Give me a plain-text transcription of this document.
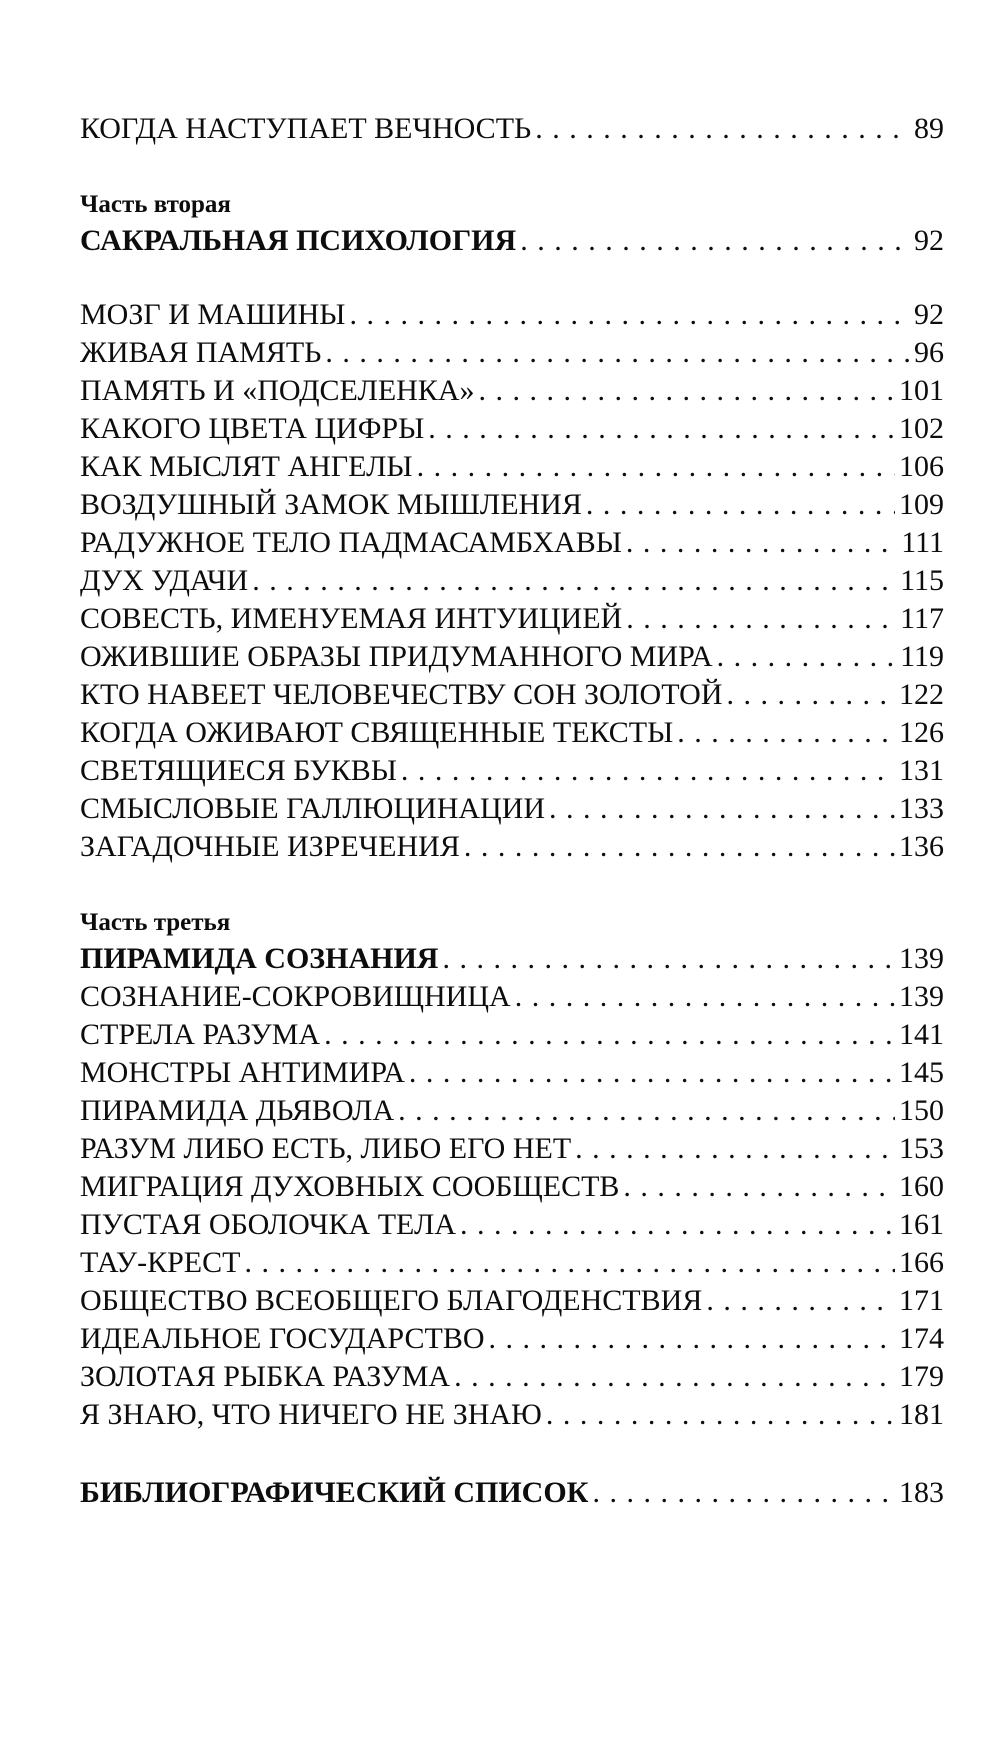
КОГДА НАСТУПАЕТ ВЕЧНОСТЬ . . .	89
Часть вторая
САКРАЛЬНАЯ ПСИХОЛОГИЯ . . .	92
МОЗГ И МАШИНЫ . . .	92
ЖИВАЯ ПАМЯТЬ . . .	96
ПАМЯТЬ И «ПОДСЕЛЕНКА» . . .	101
КАКОГО ЦВЕТА ЦИФРЫ . . .	102
КАК МЫСЛЯТ АНГЕЛЫ . . .	106
ВОЗДУШНЫЙ ЗАМОК МЫШЛЕНИЯ . . .	109
РАДУЖНОЕ ТЕЛО ПАДМАСАМБХАВЫ . . .	111
ДУХ УДАЧИ . . .	115
СОВЕСТЬ, ИМЕНУЕМАЯ ИНТУИЦИЕЙ . . .	117
ОЖИВШИЕ ОБРАЗЫ ПРИДУМАННОГО МИРА . . .	119
КТО НАВЕЕТ ЧЕЛОВЕЧЕСТВУ СОН ЗОЛОТОЙ . . .	122
КОГДА ОЖИВАЮТ СВЯЩЕННЫЕ ТЕКСТЫ . . .	126
СВЕТЯЩИЕСЯ БУКВЫ . . .	131
СМЫСЛОВЫЕ ГАЛЛЮЦИНАЦИИ . . .	133
ЗАГАДОЧНЫЕ ИЗРЕЧЕНИЯ . . .	136
Часть третья
ПИРАМИДА СОЗНАНИЯ . . .	139
СОЗНАНИЕ-СОКРОВИЩНИЦА . . .	139
СТРЕЛА РАЗУМА . . .	141
МОНСТРЫ АНТИМИРА . . .	145
ПИРАМИДА ДЬЯВОЛА . . .	150
РАЗУМ ЛИБО ЕСТЬ, ЛИБО ЕГО НЕТ . . .	153
МИГРАЦИЯ ДУХОВНЫХ СООБЩЕСТВ . . .	160
ПУСТАЯ ОБОЛОЧКА ТЕЛА . . .	161
ТАУ-КРЕСТ . . .	166
ОБЩЕСТВО ВСЕОБЩЕГО БЛАГОДЕНСТВИЯ . . .	171
ИДЕАЛЬНОЕ ГОСУДАРСТВО . . .	174
ЗОЛОТАЯ РЫБКА РАЗУМА . . .	179
Я ЗНАЮ, ЧТО НИЧЕГО НЕ ЗНАЮ . . .	181
БИБЛИОГРАФИЧЕСКИЙ СПИСОК . . .	183
